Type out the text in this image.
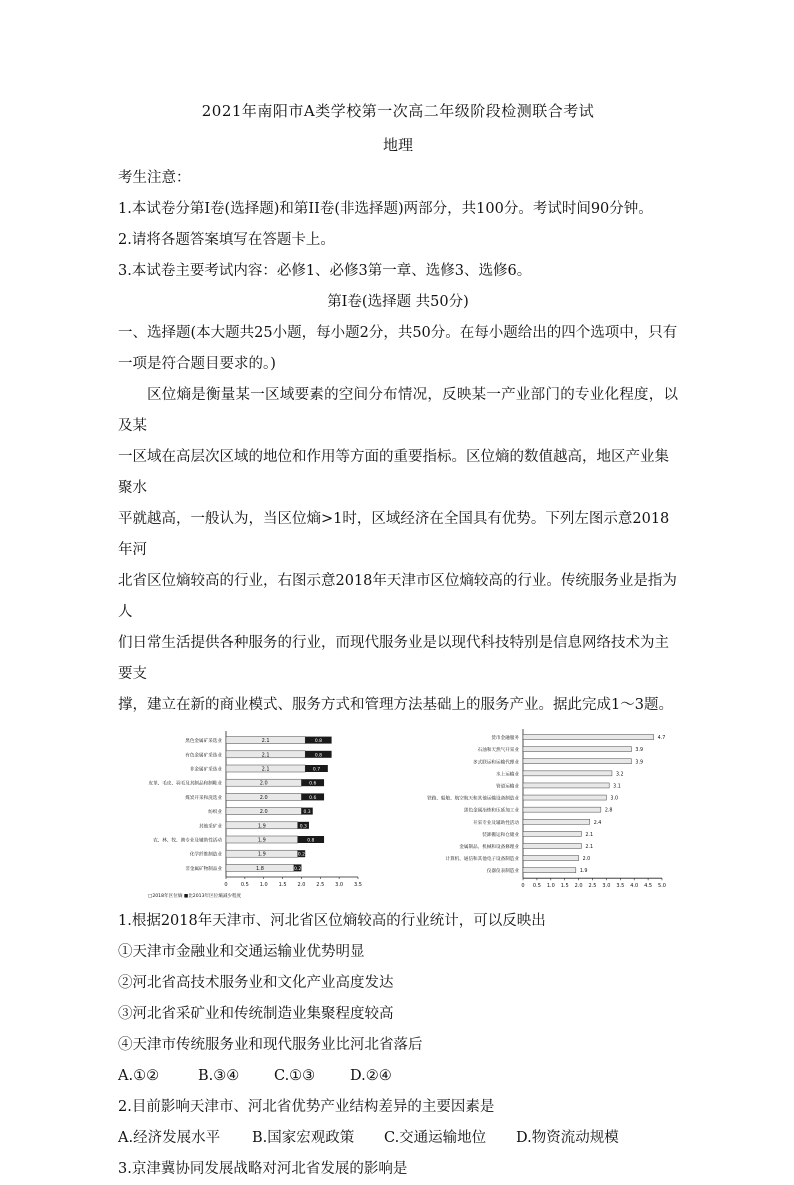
2021年南阳市A类学校第一次高二年级阶段检测联合考试

地理

考生注意：

1.本试卷分第I卷(选择题)和第II卷(非选择题)两部分，共100分。考试时间90分钟。

2.请将各题答案填写在答题卡上。

3.本试卷主要考试内容：必修1、必修3第一章、选修3、选修6。

第I卷(选择题 共50分)

一、选择题(本大题共25小题，每小题2分，共50分。在每小题给出的四个选项中，只有

一项是符合题目要求的。)

区位熵是衡量某一区域要素的空间分布情况，反映某一产业部门的专业化程度，以及某

一区域在高层次区域的地位和作用等方面的重要指标。区位熵的数值越高，地区产业集聚水

平就越高，一般认为，当区位熵>1时，区域经济在全国具有优势。下列左图示意2018年河

北省区位熵较高的行业，右图示意2018年天津市区位熵较高的行业。传统服务业是指为人

们日常生活提供各种服务的行业，而现代服务业是以现代科技特别是信息网络技术为主要支

撑，建立在新的商业模式、服务方式和管理方法基础上的服务产业。据此完成1～3题。

黑色金属矿采选业	2.1	0.8
有色金属矿采选业	2.1	0.8
非金属矿采选业	2.1	0.7
皮革、毛皮、羽毛及其制品和制鞋业	2.0	0.6
煤炭开采和洗选业	2.0	0.6
纺织业	2.0	0.3
其他采矿业	1.9	0.3
农、林、牧、渔专业及辅助性活动	1.9	0.8
化学纤维制造业	1.9	0.2
非金属矿物制品业	1.8	0.2
0	0.5 1.0 1.5 2.0 2.5 3.0 3.5
□2018年区位熵 ■比2013年区位熵减少程度
货币金融服务	4.7
石油和天然气开采业	3.9
多式联运和运输代理业	3.9
水上运输业	3.2
管道运输业	3.1
铁路、船舶、航空航天和其他运输设备制造业	3.0
黑色金属冶炼和压延加工业	2.8
开采专业及辅助性活动	2.4
装卸搬运和仓储业	2.1
金属制品、机械和设备修理业	2.1
计算机、通信和其他电子设备制造业	2.0
仪器仪表制造业	1.9
0 0.5 1.0 1.5 2.0 2.5 3.0 3.5 4.0 4.5 5.0

1.根据2018年天津市、河北省区位熵较高的行业统计，可以反映出

①天津市金融业和交通运输业优势明显

②河北省高技术服务业和文化产业高度发达

③河北省采矿业和传统制造业集聚程度较高

④天津市传统服务业和现代服务业比河北省落后

A.①②	B.③④	C.①③	D.②④

2.目前影响天津市、河北省优势产业结构差异的主要因素是

A.经济发展水平	B.国家宏观政策	C.交通运输地位	D.物资流动规模

3.京津冀协同发展战略对河北省发展的影响是
